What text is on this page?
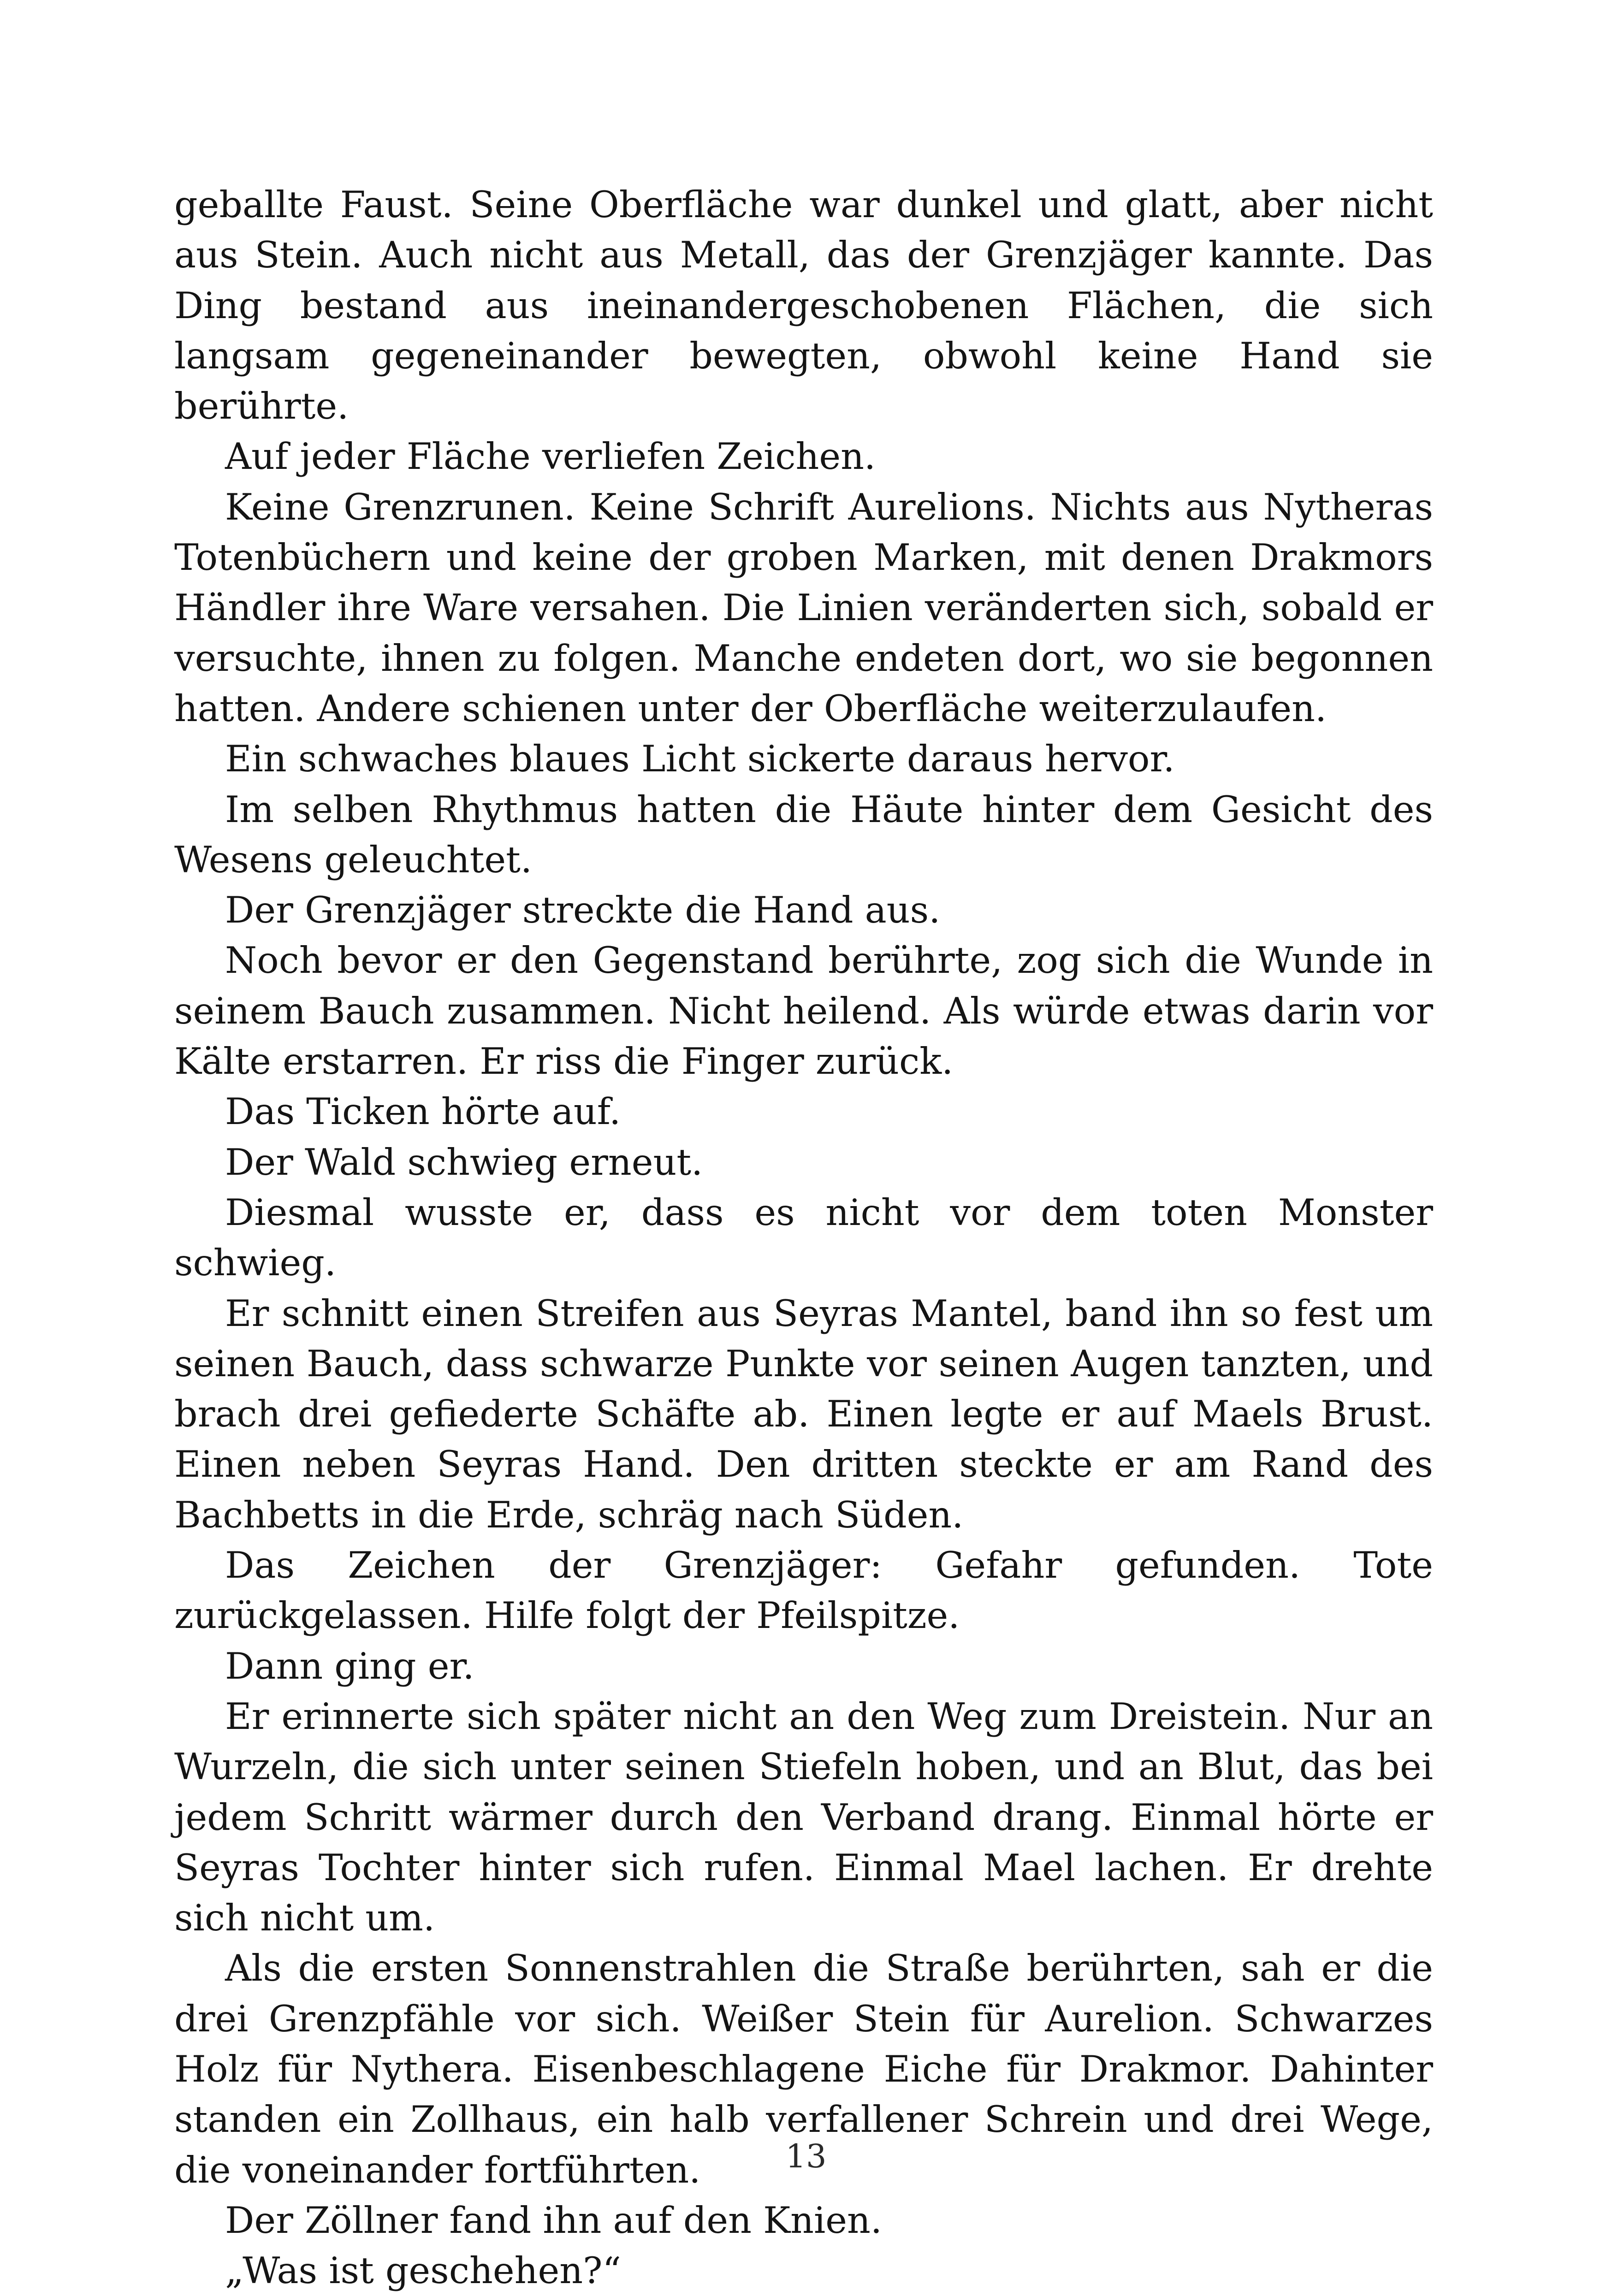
geballte Faust. Seine Oberfläche war dunkel und glatt, aber nicht aus Stein. Auch nicht aus Metall, das der Grenzjäger kannte. Das Ding bestand aus ineinandergeschobenen Flächen, die sich langsam gegeneinander bewegten, obwohl keine Hand sie berührte.

Auf jeder Fläche verliefen Zeichen.

Keine Grenzrunen. Keine Schrift Aurelions. Nichts aus Nytheras Totenbüchern und keine der groben Marken, mit denen Drakmors Händler ihre Ware versahen. Die Linien veränderten sich, sobald er versuchte, ihnen zu folgen. Manche endeten dort, wo sie begonnen hatten. Andere schienen unter der Oberfläche weiterzulaufen.

Ein schwaches blaues Licht sickerte daraus hervor.

Im selben Rhythmus hatten die Häute hinter dem Gesicht des Wesens geleuchtet.

Der Grenzjäger streckte die Hand aus.

Noch bevor er den Gegenstand berührte, zog sich die Wunde in seinem Bauch zusammen. Nicht heilend. Als würde etwas darin vor Kälte erstarren. Er riss die Finger zurück.

Das Ticken hörte auf.

Der Wald schwieg erneut.

Diesmal wusste er, dass es nicht vor dem toten Monster schwieg.

Er schnitt einen Streifen aus Seyras Mantel, band ihn so fest um seinen Bauch, dass schwarze Punkte vor seinen Augen tanzten, und brach drei gefiederte Schäfte ab. Einen legte er auf Maels Brust. Einen neben Seyras Hand. Den dritten steckte er am Rand des Bachbetts in die Erde, schräg nach Süden.

Das Zeichen der Grenzjäger: Gefahr gefunden. Tote zurückgelassen. Hilfe folgt der Pfeilspitze.

Dann ging er.

Er erinnerte sich später nicht an den Weg zum Dreistein. Nur an Wurzeln, die sich unter seinen Stiefeln hoben, und an Blut, das bei jedem Schritt wärmer durch den Verband drang. Einmal hörte er Seyras Tochter hinter sich rufen. Einmal Mael lachen. Er drehte sich nicht um.

Als die ersten Sonnenstrahlen die Straße berührten, sah er die drei Grenzpfähle vor sich. Weißer Stein für Aurelion. Schwarzes Holz für Nythera. Eisenbeschlagene Eiche für Drakmor. Dahinter standen ein Zollhaus, ein halb verfallener Schrein und drei Wege, die voneinander fortführten.

Der Zöllner fand ihn auf den Knien.

„Was ist geschehen?“

13
